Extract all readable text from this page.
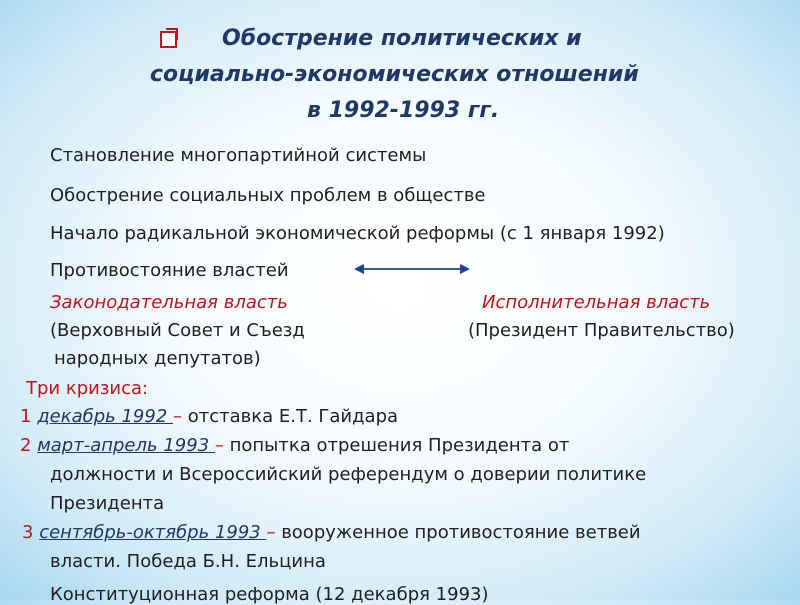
Обострение политических и
социально-экономических отношений
в 1992-1993 гг.
Становление многопартийной системы
Обострение социальных проблем в обществе
Начало радикальной экономической реформы (с 1 января 1992)
Противостояние властей
Законодательная власть
(Верховный Совет и Съезд
народных депутатов)
Исполнительная власть
(Президент Правительство)
Три кризиса:
1 декабрь 1992 – отставка Е.Т. Гайдара
2 март-апрель 1993 – попытка отрешения Президента от
должности и Всероссийский референдум о доверии политике
Президента
3 сентябрь-октябрь 1993 – вооруженное противостояние ветвей
власти. Победа Б.Н. Ельцина
Конституционная реформа (12 декабря 1993)
